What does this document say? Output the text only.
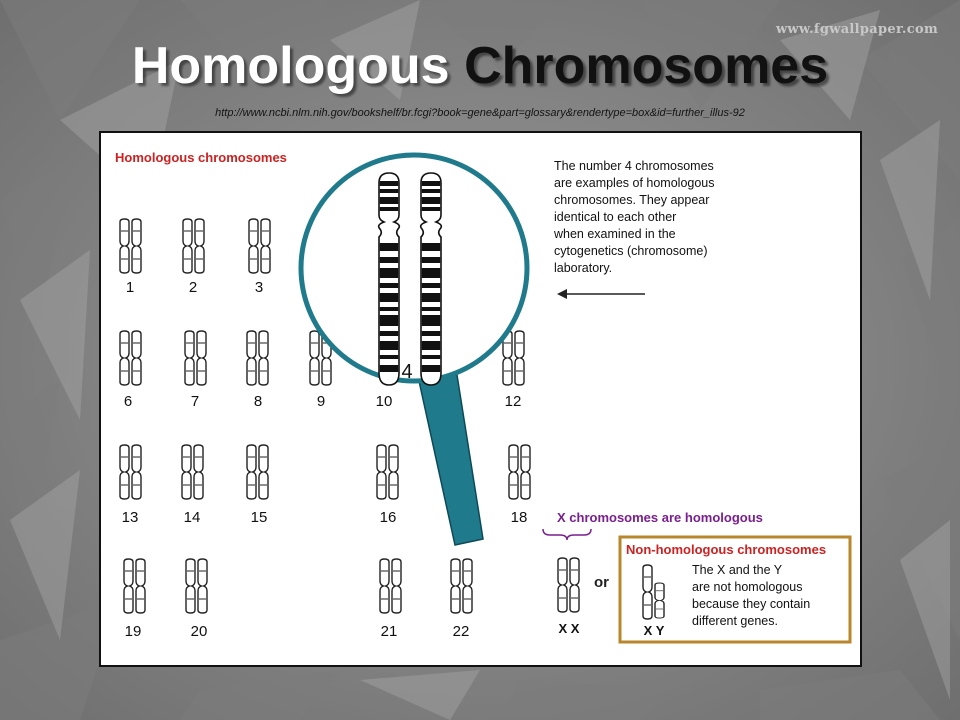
www.fgwallpaper.com
Homologous Chromosomes
http://www.ncbi.nlm.nih.gov/bookshelf/br.fcgi?book=gene&part=glossary&rendertype=box&id=further_illus-92
Homologous chromosomes
1	2	3
6	7	8	9	10	12
13	14	15	16	18
19	20	21	22
4
The number 4 chromosomes
are examples of homologous
chromosomes. They appear
identical to each other
when examined in the
cytogenetics (chromosome)
laboratory.
X chromosomes are homologous
X X
or
Non-homologous chromosomes
X Y
The X and the Y
are not homologous
because they contain
different genes.
